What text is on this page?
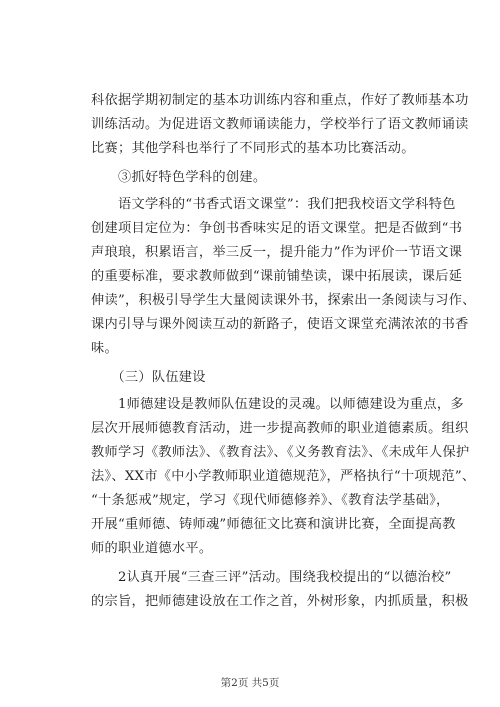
科依据学期初制定的基本功训练内容和重点，作好了教师基本功
训练活动。为促进语文教师诵读能力，学校举行了语文教师诵读
比赛；其他学科也举行了不同形式的基本功比赛活动。
　　③抓好特色学科的创建。
　　语文学科的“书香式语文课堂”：我们把我校语文学科特色
创建项目定位为：争创书香味实足的语文课堂。把是否做到“书
声琅琅，积累语言，举三反一，提升能力”作为评价一节语文课
的重要标准，要求教师做到“课前铺垫读，课中拓展读，课后延
伸读”，积极引导学生大量阅读课外书，探索出一条阅读与习作、
课内引导与课外阅读互动的新路子，使语文课堂充满浓浓的书香
味。
　　（三）队伍建设
　　1师德建设是教师队伍建设的灵魂。以师德建设为重点，多
层次开展师德教育活动，进一步提高教师的职业道德素质。组织
教师学习《教师法》、《教育法》、《义务教育法》、《未成年人保护
法》、XX市《中小学教师职业道德规范》，严格执行“十项规范”、
“十条惩戒”规定，学习《现代师德修养》、《教育法学基础》，
开展“重师德、铸师魂”师德征文比赛和演讲比赛，全面提高教
师的职业道德水平。
　　2认真开展“三查三评”活动。围绕我校提出的“以德治校”
的宗旨，把师德建设放在工作之首，外树形象，内抓质量，积极
第2页 共5页
